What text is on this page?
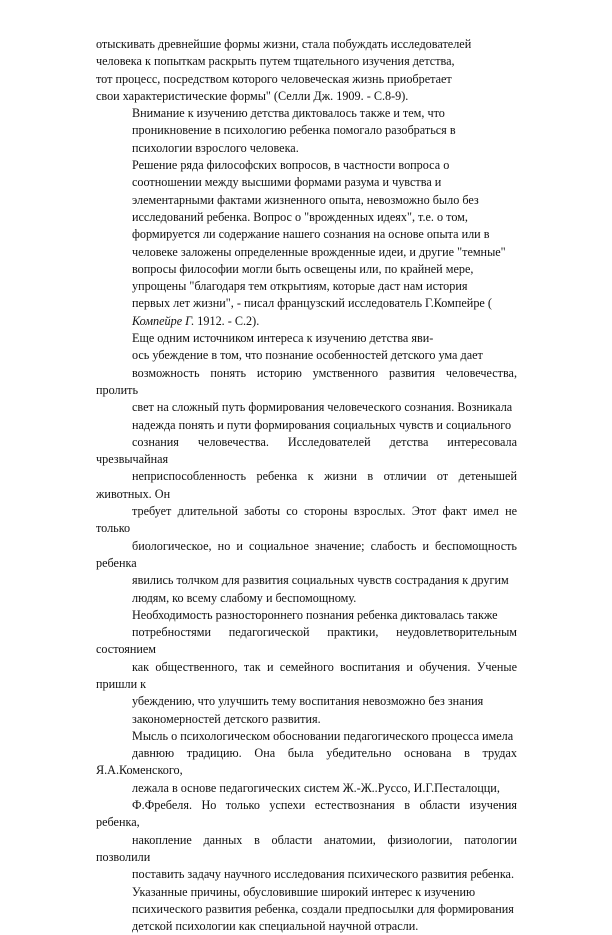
отыскивать древнейшие формы жизни, стала побуждать исследователей
человека к попыткам раскрыть путем тщательного изучения детства,
тот процесс, посредством которого человеческая жизнь приобретает
свои характеристические формы" (Селли Дж. 1909. - С.8-9).

Внимание к изучению детства диктовалось также и тем, что
проникновение в психологию ребенка помогало разобраться в
психологии взрослого человека.

Решение ряда философских вопросов, в частности вопроса о
соотношении между высшими формами разума и чувства и
элементарными фактами жизненного опыта, невозможно было без
исследований ребенка. Вопрос о "врожденных идеях", т.е. о том,
формируется ли содержание нашего сознания на основе опыта или в
человеке заложены определенные врожденные идеи, и другие "темные"
вопросы философии могли быть освещены или, по крайней мере,
упрощены "благодаря тем открытиям, которые даст нам история
первых лет жизни", - писал французский исследователь Г.Компейре (
Компейре Г. 1912. - С.2).

Еще одним источником интереса к изучению детства яви-
ось убеждение в том, что познание особенностей детского ума дает
возможность понять историю умственного развития человечества, пролить
свет на сложный путь формирования человеческого сознания. Возникала
надежда понять и пути формирования социальных чувств и социального
сознания человечества. Исследователей детства интересовала чрезвычайная
неприспособленность ребенка к жизни в отличии от детенышей животных. Он
требует длительной заботы со стороны взрослых. Этот факт имел не только
биологическое, но и социальное значение; слабость и беспомощность ребенка
явились толчком для развития социальных чувств сострадания к другим
людям, ко всему слабому и беспомощному.

Необходимость разностороннего познания ребенка диктовалась также
потребностями педагогической практики, неудовлетворительным состоянием
как общественного, так и семейного воспитания и обучения. Ученые пришли к
убеждению, что улучшить тему воспитания невозможно без знания
закономерностей детского развития.

Мысль о психологическом обосновании педагогического процесса имела
давнюю традицию. Она была убедительно основана в трудах Я.А.Коменского,
лежала в основе педагогических систем Ж.-Ж..Руссо, И.Г.Песталоцци,
Ф.Фребеля. Но только успехи естествознания в области изучения ребенка,
накопление данных в области анатомии, физиологии, патологии позволили
поставить задачу научного исследования психического развития ребенка.

Указанные причины, обусловившие широкий интерес к изучению
психического развития ребенка, создали предпосылки для формирования
детской психологии как специальной научной отрасли.
